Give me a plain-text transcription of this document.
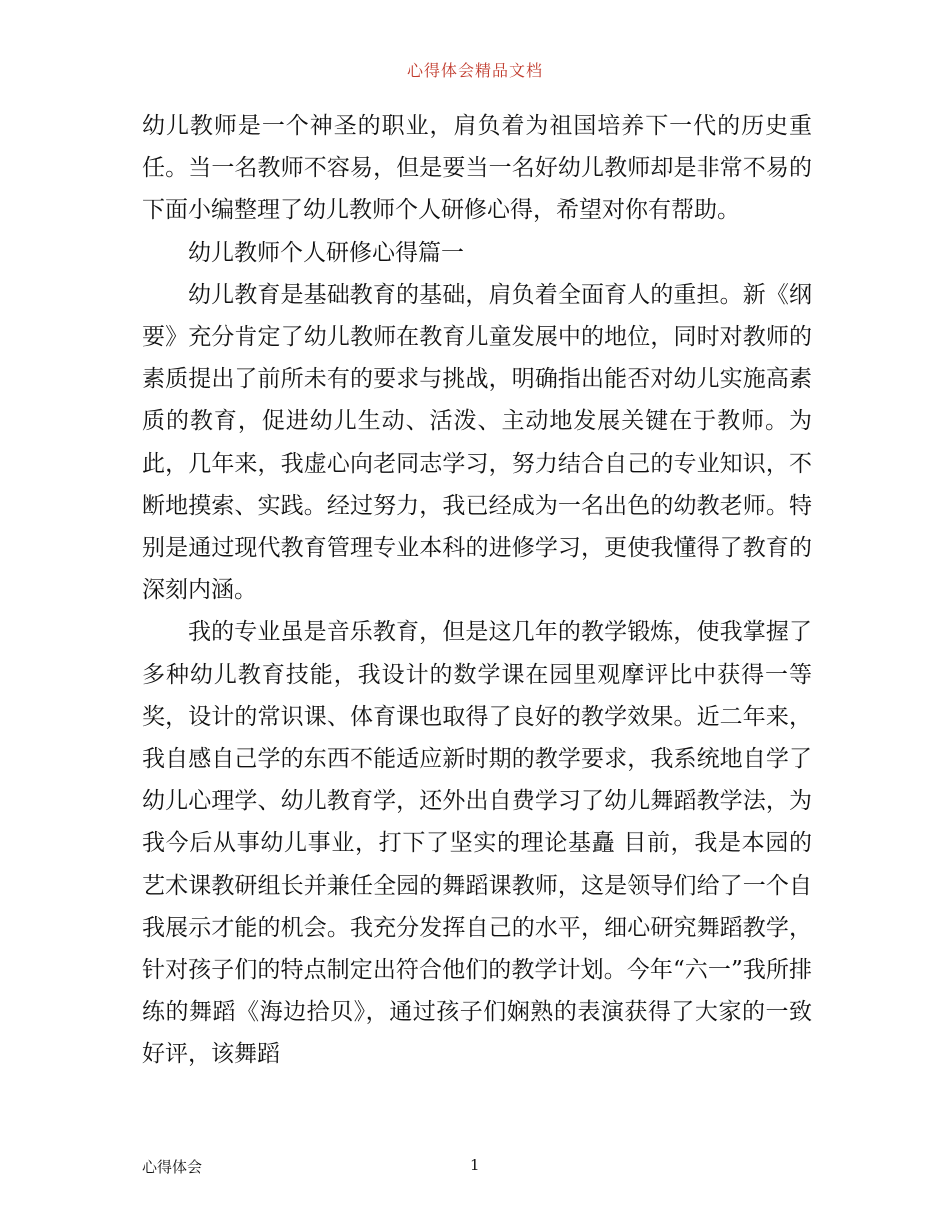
心得体会精品文档

幼儿教师是一个神圣的职业，肩负着为祖国培养下一代的历史重任。当一名教师不容易，但是要当一名好幼儿教师却是非常不易的下面小编整理了幼儿教师个人研修心得，希望对你有帮助。

幼儿教师个人研修心得篇一

幼儿教育是基础教育的基础，肩负着全面育人的重担。新《纲要》充分肯定了幼儿教师在教育儿童发展中的地位，同时对教师的素质提出了前所未有的要求与挑战，明确指出能否对幼儿实施高素质的教育，促进幼儿生动、活泼、主动地发展关键在于教师。为此，几年来，我虚心向老同志学习，努力结合自己的专业知识，不断地摸索、实践。经过努力，我已经成为一名出色的幼教老师。特别是通过现代教育管理专业本科的进修学习，更使我懂得了教育的深刻内涵。

我的专业虽是音乐教育，但是这几年的教学锻炼，使我掌握了多种幼儿教育技能，我设计的数学课在园里观摩评比中获得一等奖，设计的常识课、体育课也取得了良好的教学效果。近二年来，我自感自己学的东西不能适应新时期的教学要求，我系统地自学了幼儿心理学、幼儿教育学，还外出自费学习了幼儿舞蹈教学法，为我今后从事幼儿事业，打下了坚实的理论基矗 目前，我是本园的艺术课教研组长并兼任全园的舞蹈课教师，这是领导们给了一个自我展示才能的机会。我充分发挥自己的水平，细心研究舞蹈教学，针对孩子们的特点制定出符合他们的教学计划。今年“六一”我所排练的舞蹈《海边拾贝》，通过孩子们娴熟的表演获得了大家的一致好评，该舞蹈

心得体会	1
